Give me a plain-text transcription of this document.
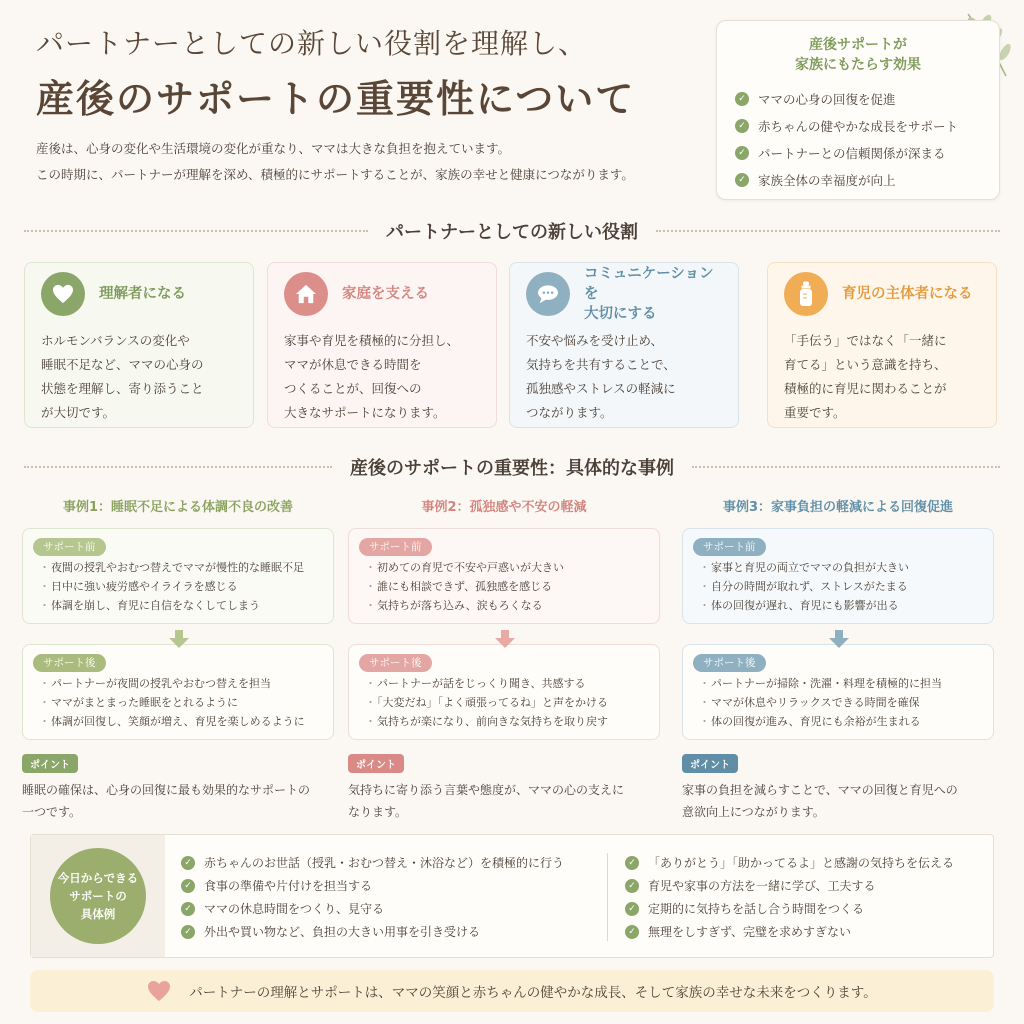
パートナーとしての新しい役割を理解し、
産後のサポートの重要性について
産後は、心身の変化や生活環境の変化が重なり、ママは大きな負担を抱えています。
この時期に、パートナーが理解を深め、積極的にサポートすることが、家族の幸せと健康につながります。
産後サポートが
家族にもたらす効果
✓ ママの心身の回復を促進
✓ 赤ちゃんの健やかな成長をサポート
✓ パートナーとの信頼関係が深まる
✓ 家族全体の幸福度が向上
パートナーとしての新しい役割
理解者になる
ホルモンバランスの変化や
睡眠不足など、ママの心身の
状態を理解し、寄り添うこと
が大切です。
家庭を支える
家事や育児を積極的に分担し、
ママが休息できる時間を
つくることが、回復への
大きなサポートになります。
コミュニケーションを
大切にする
不安や悩みを受け止め、
気持ちを共有することで、
孤独感やストレスの軽減に
つながります。
育児の主体者になる
「手伝う」ではなく「一緒に
育てる」という意識を持ち、
積極的に育児に関わることが
重要です。
産後のサポートの重要性：具体的な事例
事例1：睡眠不足による体調不良の改善
サポート前
・ 夜間の授乳やおむつ替えでママが慢性的な睡眠不足
・ 日中に強い疲労感やイライラを感じる
・ 体調を崩し、育児に自信をなくしてしまう
サポート後
・ パートナーが夜間の授乳やおむつ替えを担当
・ ママがまとまった睡眠をとれるように
・ 体調が回復し、笑顔が増え、育児を楽しめるように
ポイント
睡眠の確保は、心身の回復に最も効果的なサポートの
一つです。
事例2：孤独感や不安の軽減
サポート前
・ 初めての育児で不安や戸惑いが大きい
・ 誰にも相談できず、孤独感を感じる
・ 気持ちが落ち込み、涙もろくなる
サポート後
・ パートナーが話をじっくり聞き、共感する
・ 「大変だね」「よく頑張ってるね」と声をかける
・ 気持ちが楽になり、前向きな気持ちを取り戻す
ポイント
気持ちに寄り添う言葉や態度が、ママの心の支えに
なります。
事例3：家事負担の軽減による回復促進
サポート前
・ 家事と育児の両立でママの負担が大きい
・ 自分の時間が取れず、ストレスがたまる
・ 体の回復が遅れ、育児にも影響が出る
サポート後
・ パートナーが掃除・洗濯・料理を積極的に担当
・ ママが休息やリラックスできる時間を確保
・ 体の回復が進み、育児にも余裕が生まれる
ポイント
家事の負担を減らすことで、ママの回復と育児への
意欲向上につながります。
今日からできる
サポートの
具体例
✓ 赤ちゃんのお世話（授乳・おむつ替え・沐浴など）を積極的に行う
✓ 食事の準備や片付けを担当する
✓ ママの休息時間をつくり、見守る
✓ 外出や買い物など、負担の大きい用事を引き受ける
✓ 「ありがとう」「助かってるよ」と感謝の気持ちを伝える
✓ 育児や家事の方法を一緒に学び、工夫する
✓ 定期的に気持ちを話し合う時間をつくる
✓ 無理をしすぎず、完璧を求めすぎない
パートナーの理解とサポートは、ママの笑顔と赤ちゃんの健やかな成長、そして家族の幸せな未来をつくります。
